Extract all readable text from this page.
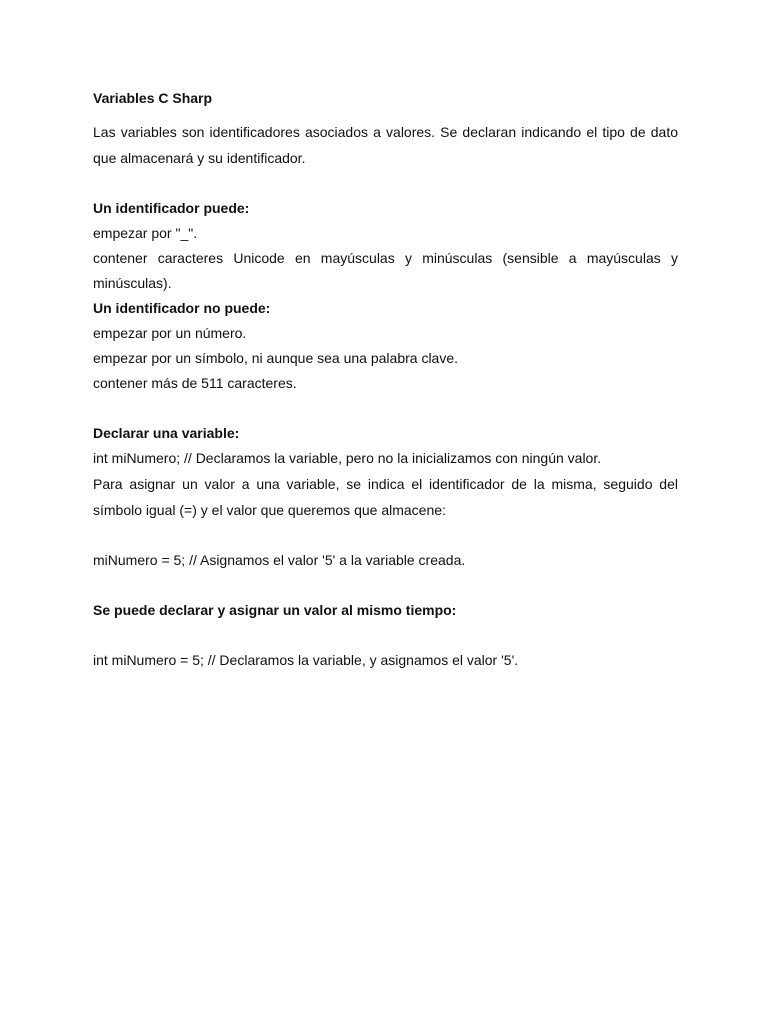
Variables C Sharp
Las variables son identificadores asociados a valores. Se declaran indicando el tipo de dato que almacenará y su identificador.
Un identificador puede:
empezar por "_".
contener caracteres Unicode en mayúsculas y minúsculas (sensible a mayúsculas y minúsculas).
Un identificador no puede:
empezar por un número.
empezar por un símbolo, ni aunque sea una palabra clave.
contener más de 511 caracteres.
Declarar una variable:
int miNumero; // Declaramos la variable, pero no la inicializamos con ningún valor.
Para asignar un valor a una variable, se indica el identificador de la misma, seguido del símbolo igual (=) y el valor que queremos que almacene:
miNumero = 5; // Asignamos el valor '5' a la variable creada.
Se puede declarar y asignar un valor al mismo tiempo:
int miNumero = 5; // Declaramos la variable, y asignamos el valor '5'.
